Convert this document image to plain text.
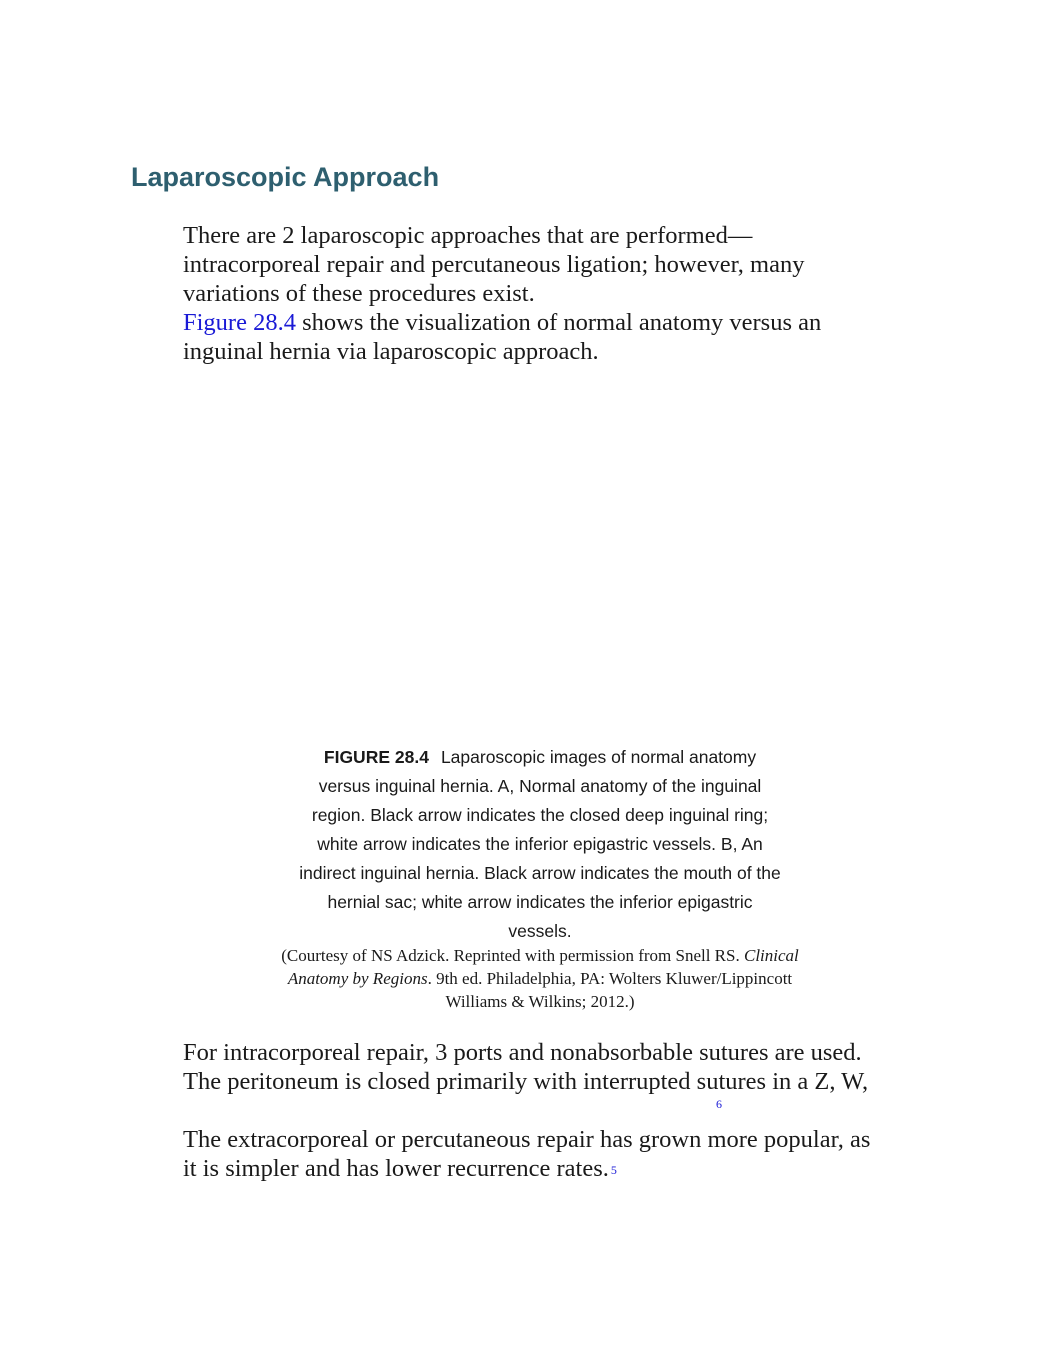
Laparoscopic Approach
There are 2 laparoscopic approaches that are performed—
intracorporeal repair and percutaneous ligation; however, many
variations of these procedures exist.
Figure 28.4 shows the visualization of normal anatomy versus an
inguinal hernia via laparoscopic approach.
FIGURE 28.4 Laparoscopic images of normal anatomy
versus inguinal hernia. A, Normal anatomy of the inguinal
region. Black arrow indicates the closed deep inguinal ring;
white arrow indicates the inferior epigastric vessels. B, An
indirect inguinal hernia. Black arrow indicates the mouth of the
hernial sac; white arrow indicates the inferior epigastric
vessels.
(Courtesy of NS Adzick. Reprinted with permission from Snell RS. Clinical
Anatomy by Regions. 9th ed. Philadelphia, PA: Wolters Kluwer/Lippincott
Williams & Wilkins; 2012.)
For intracorporeal repair, 3 ports and nonabsorbable sutures are used.
The peritoneum is closed primarily with interrupted sutures in a Z, W,
$^6$
The extracorporeal or percutaneous repair has grown more popular, as
it is simpler and has lower recurrence rates. $^5$
